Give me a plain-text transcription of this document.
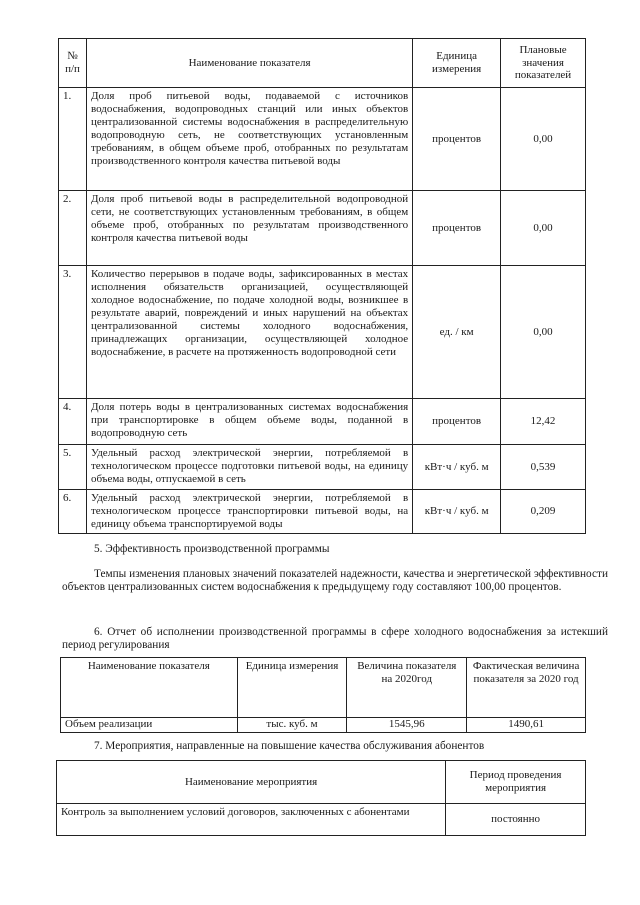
№ п/п	Наименование показателя	Единица измерения	Плановые значения показателей
1.	Доля проб питьевой воды, подаваемой с источников водоснабжения, водопроводных станций или иных объектов централизованной системы водоснабжения в распределительную водопроводную сеть, не соответствующих установленным требованиям, в общем объеме проб, отобранных по результатам производственного контроля качества питьевой воды	процентов	0,00
2.	Доля проб питьевой воды в распределительной водопроводной сети, не соответствующих установленным требованиям, в общем объеме проб, отобранных по результатам производственного контроля качества питьевой воды	процентов	0,00
3.	Количество перерывов в подаче воды, зафиксированных в местах исполнения обязательств организацией, осуществляющей холодное водоснабжение, по подаче холодной воды, возникшее в результате аварий, повреждений и иных нарушений на объектах централизованной системы холодного водоснабжения, принадлежащих организации, осуществляющей холодное водоснабжение, в расчете на протяженность водопроводной сети	ед. / км	0,00
4.	Доля потерь воды в централизованных системах водоснабжения при транспортировке в общем объеме воды, поданной в водопроводную сеть	процентов	12,42
5.	Удельный расход электрической энергии, потребляемой в технологическом процессе подготовки питьевой воды, на единицу объема воды, отпускаемой в сеть	кВт·ч / куб. м	0,539
6.	Удельный расход электрической энергии, потребляемой в технологическом процессе транспортировки питьевой воды, на единицу объема транспортируемой воды	кВт·ч / куб. м	0,209
5. Эффективность производственной программы
Темпы изменения плановых значений показателей надежности, качества и энергетической эффективности объектов централизованных систем водоснабжения к предыдущему году составляют 100,00 процентов.
6. Отчет об исполнении производственной программы в сфере холодного водоснабжения за истекший период регулирования
Наименование показателя	Единица измерения	Величина показателя на 2020год	Фактическая величина показателя за 2020 год
Объем реализации	тыс. куб. м	1545,96	1490,61
7. Мероприятия, направленные на повышение качества обслуживания абонентов
Наименование мероприятия	Период проведения мероприятия
Контроль за выполнением условий договоров, заключенных с абонентами	постоянно
